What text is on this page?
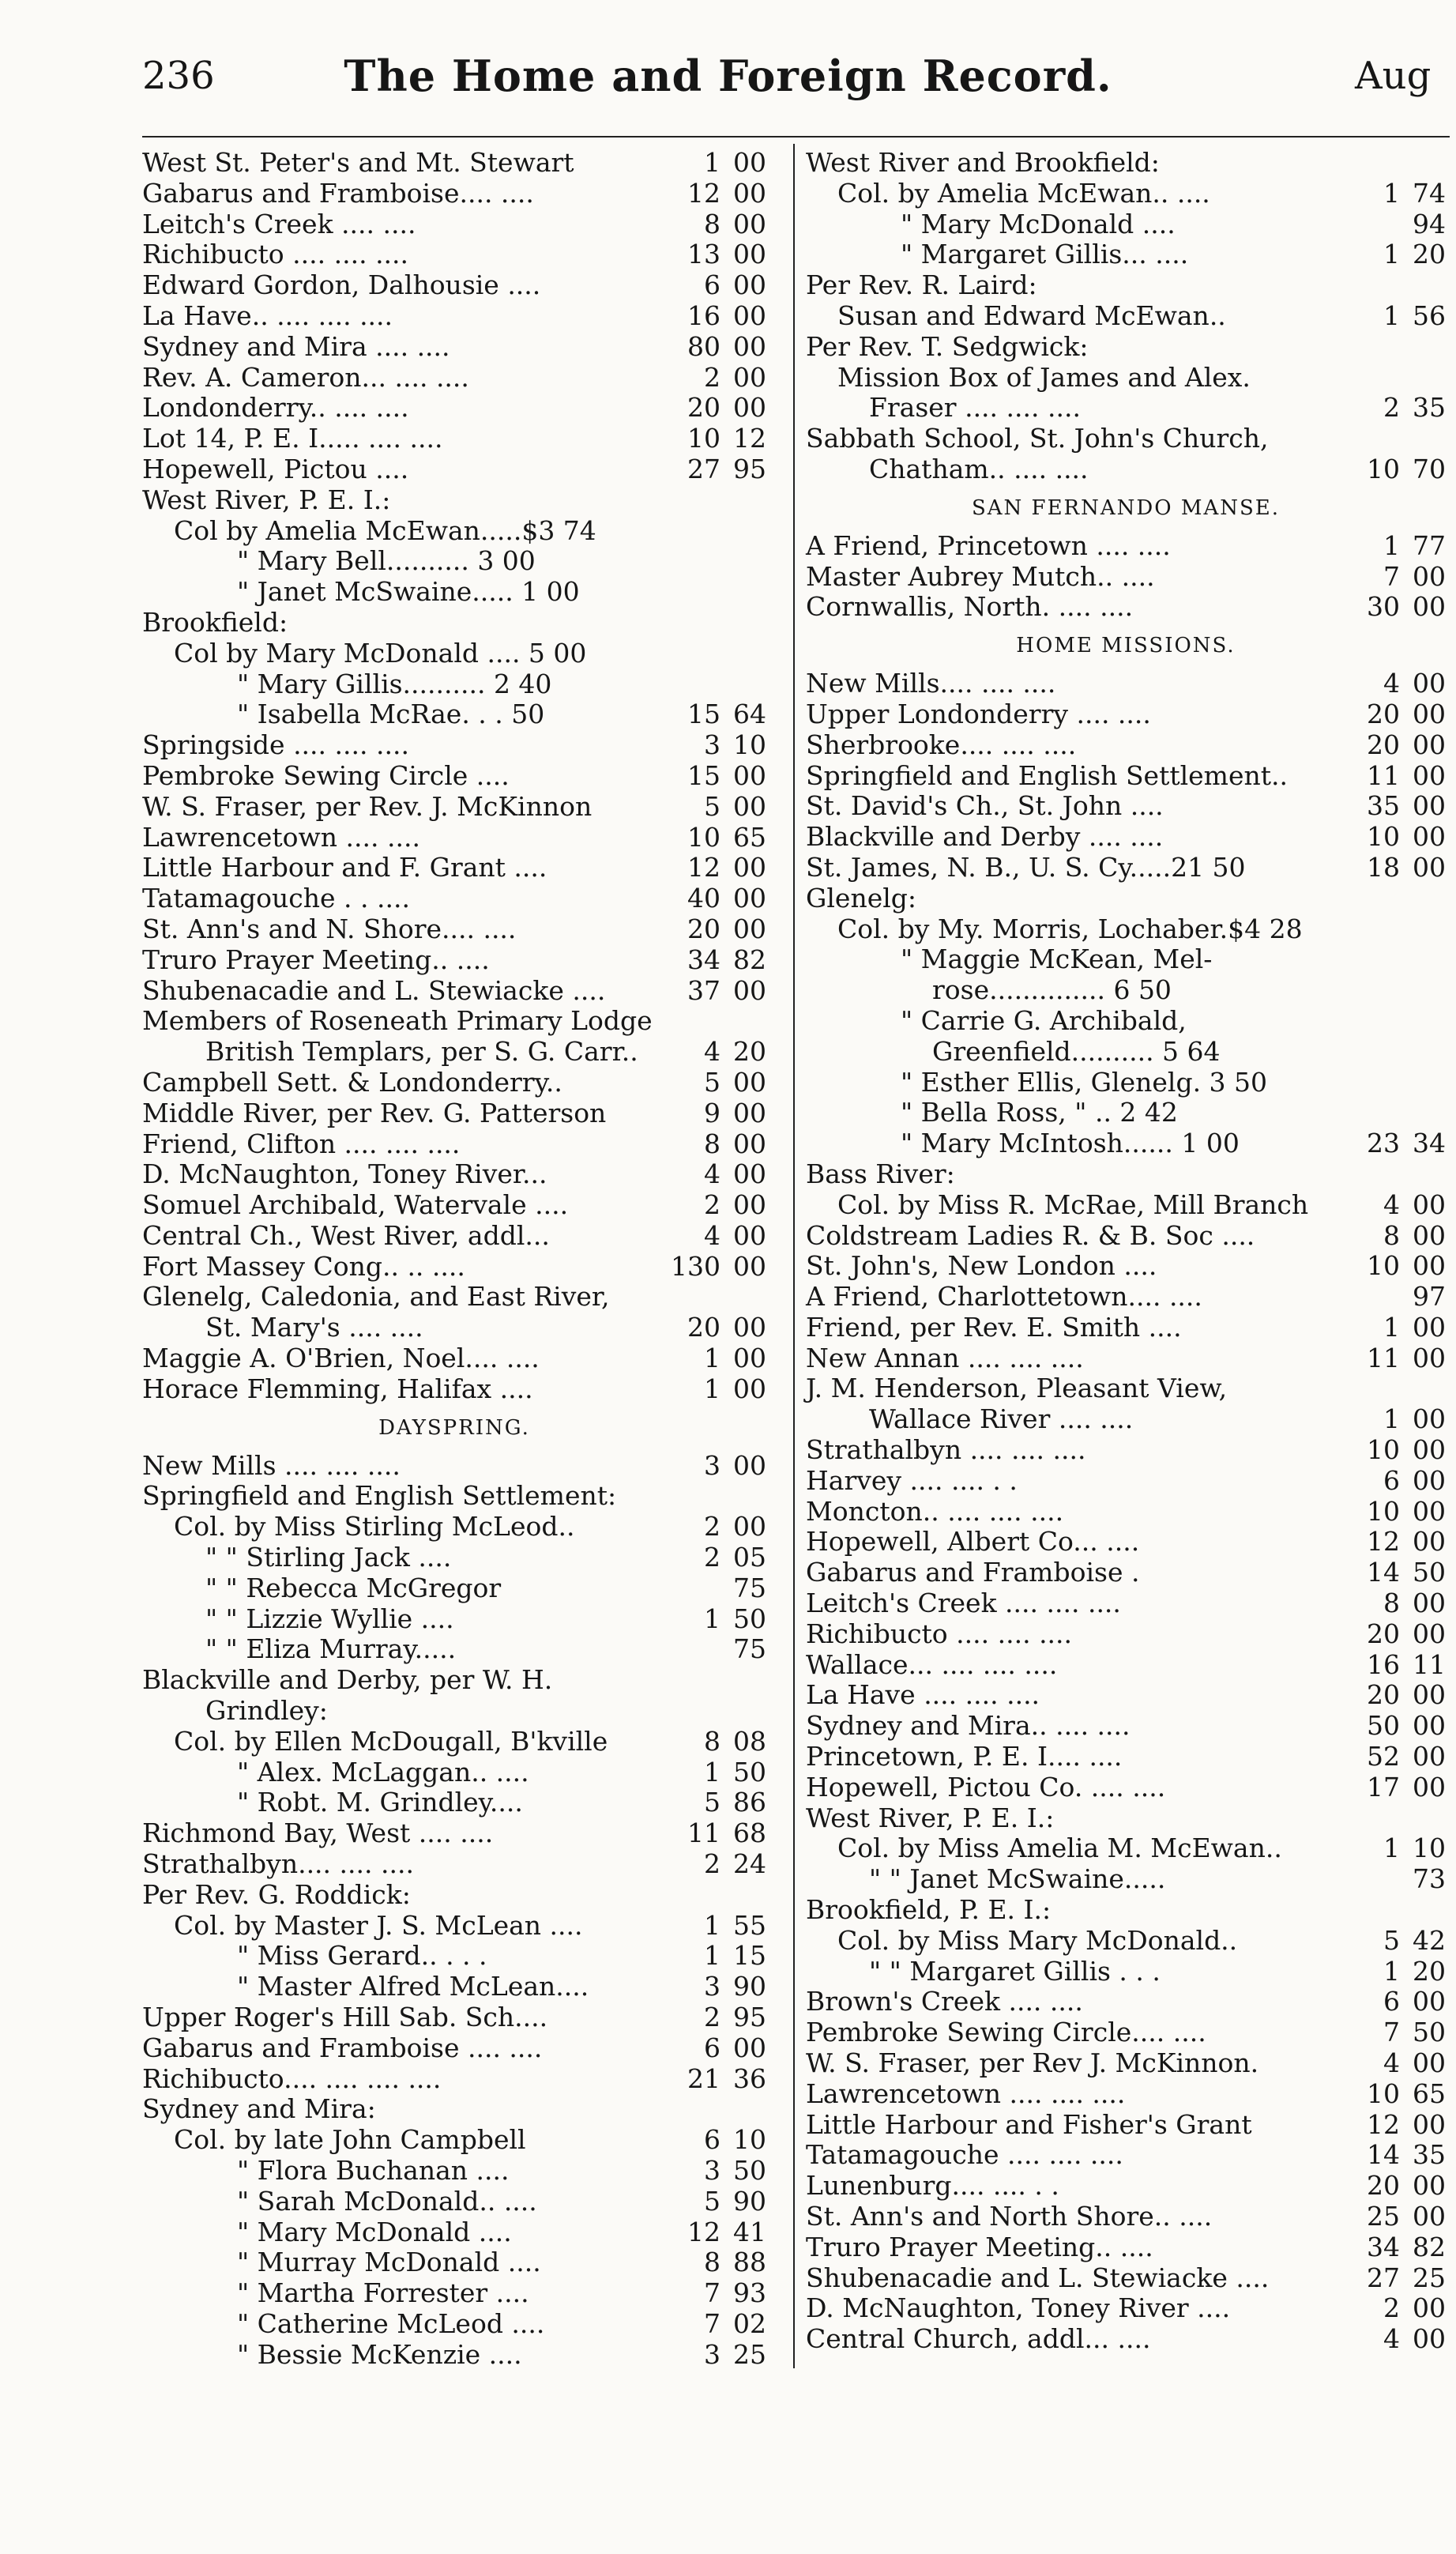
236	The Home and Foreign Record.	Aug
West St. Peter's and Mt. Stewart	1 00
Gabarus and Framboise.... ....	12 00
Leitch's Creek .... ....	8 00
Richibucto .... .... ....	13 00
Edward Gordon, Dalhousie ....	6 00
La Have.. .... .... ....	16 00
Sydney and Mira .... ....	80 00
Rev. A. Cameron... .... ....	2 00
Londonderry.. .... ....	20 00
Lot 14, P. E. I..... .... ....	10 12
Hopewell, Pictou ....	27 95
West River, P. E. I.:
Col by Amelia McEwan.....$3 74
" Mary Bell.......... 3 00
" Janet McSwaine..... 1 00
Brookfield:
Col by Mary McDonald .... 5 00
" Mary Gillis.......... 2 40
" Isabella McRae. . . 50	15 64
Springside .... .... ....	3 10
Pembroke Sewing Circle ....	15 00
W. S. Fraser, per Rev. J. McKinnon	5 00
Lawrencetown .... ....	10 65
Little Harbour and F. Grant ....	12 00
Tatamagouche . . ....	40 00
St. Ann's and N. Shore.... ....	20 00
Truro Prayer Meeting.. ....	34 82
Shubenacadie and L. Stewiacke ....	37 00
Members of Roseneath Primary Lodge
British Templars, per S. G. Carr..	4 20
Campbell Sett. & Londonderry..	5 00
Middle River, per Rev. G. Patterson	9 00
Friend, Clifton .... .... ....	8 00
D. McNaughton, Toney River...	4 00
Somuel Archibald, Watervale ....	2 00
Central Ch., West River, addl...	4 00
Fort Massey Cong.. .. ....	130 00
Glenelg, Caledonia, and East River,
St. Mary's .... ....	20 00
Maggie A. O'Brien, Noel.... ....	1 00
Horace Flemming, Halifax ....	1 00
DAYSPRING.
New Mills .... .... ....	3 00
Springfield and English Settlement:
Col. by Miss Stirling McLeod..	2 00
" " Stirling Jack ....	2 05
" " Rebecca McGregor	75
" " Lizzie Wyllie ....	1 50
" " Eliza Murray.....	75
Blackville and Derby, per W. H.
Grindley:
Col. by Ellen McDougall, B'kville	8 08
" Alex. McLaggan.. ....	1 50
" Robt. M. Grindley....	5 86
Richmond Bay, West .... ....	11 68
Strathalbyn.... .... ....	2 24
Per Rev. G. Roddick:
Col. by Master J. S. McLean ....	1 55
" Miss Gerard.. . . .	1 15
" Master Alfred McLean....	3 90
Upper Roger's Hill Sab. Sch....	2 95
Gabarus and Framboise .... ....	6 00
Richibucto.... .... .... ....	21 36
Sydney and Mira:
Col. by late John Campbell	6 10
" Flora Buchanan ....	3 50
" Sarah McDonald.. ....	5 90
" Mary McDonald ....	12 41
" Murray McDonald ....	8 88
" Martha Forrester ....	7 93
" Catherine McLeod ....	7 02
" Bessie McKenzie ....	3 25
West River and Brookfield:
Col. by Amelia McEwan.. ....	1 74
" Mary McDonald ....	94
" Margaret Gillis... ....	1 20
Per Rev. R. Laird:
Susan and Edward McEwan..	1 56
Per Rev. T. Sedgwick:
Mission Box of James and Alex.
Fraser .... .... ....	2 35
Sabbath School, St. John's Church,
Chatham.. .... ....	10 70
SAN FERNANDO MANSE.
A Friend, Princetown .... ....	1 77
Master Aubrey Mutch.. ....	7 00
Cornwallis, North. .... ....	30 00
HOME MISSIONS.
New Mills.... .... ....	4 00
Upper Londonderry .... ....	20 00
Sherbrooke.... .... ....	20 00
Springfield and English Settlement..	11 00
St. David's Ch., St. John ....	35 00
Blackville and Derby .... ....	10 00
St. James, N. B., U. S. Cy.....21 50	18 00
Glenelg:
Col. by My. Morris, Lochaber.$4 28
" Maggie McKean, Mel-
rose.............. 6 50
" Carrie G. Archibald,
Greenfield.......... 5 64
" Esther Ellis, Glenelg. 3 50
" Bella Ross, " .. 2 42
" Mary McIntosh...... 1 00	23 34
Bass River:
Col. by Miss R. McRae, Mill Branch	4 00
Coldstream Ladies R. & B. Soc ....	8 00
St. John's, New London ....	10 00
A Friend, Charlottetown.... ....	97
Friend, per Rev. E. Smith ....	1 00
New Annan .... .... ....	11 00
J. M. Henderson, Pleasant View,
Wallace River .... ....	1 00
Strathalbyn .... .... ....	10 00
Harvey .... .... . .	6 00
Moncton.. .... .... ....	10 00
Hopewell, Albert Co... ....	12 00
Gabarus and Framboise .	14 50
Leitch's Creek .... .... ....	8 00
Richibucto .... .... ....	20 00
Wallace... .... .... ....	16 11
La Have .... .... ....	20 00
Sydney and Mira.. .... ....	50 00
Princetown, P. E. I.... ....	52 00
Hopewell, Pictou Co. .... ....	17 00
West River, P. E. I.:
Col. by Miss Amelia M. McEwan..	1 10
" " Janet McSwaine.....	73
Brookfield, P. E. I.:
Col. by Miss Mary McDonald..	5 42
" " Margaret Gillis . . .	1 20
Brown's Creek .... ....	6 00
Pembroke Sewing Circle.... ....	7 50
W. S. Fraser, per Rev J. McKinnon.	4 00
Lawrencetown .... .... ....	10 65
Little Harbour and Fisher's Grant	12 00
Tatamagouche .... .... ....	14 35
Lunenburg.... .... . .	20 00
St. Ann's and North Shore.. ....	25 00
Truro Prayer Meeting.. ....	34 82
Shubenacadie and L. Stewiacke ....	27 25
D. McNaughton, Toney River ....	2 00
Central Church, addl... ....	4 00
